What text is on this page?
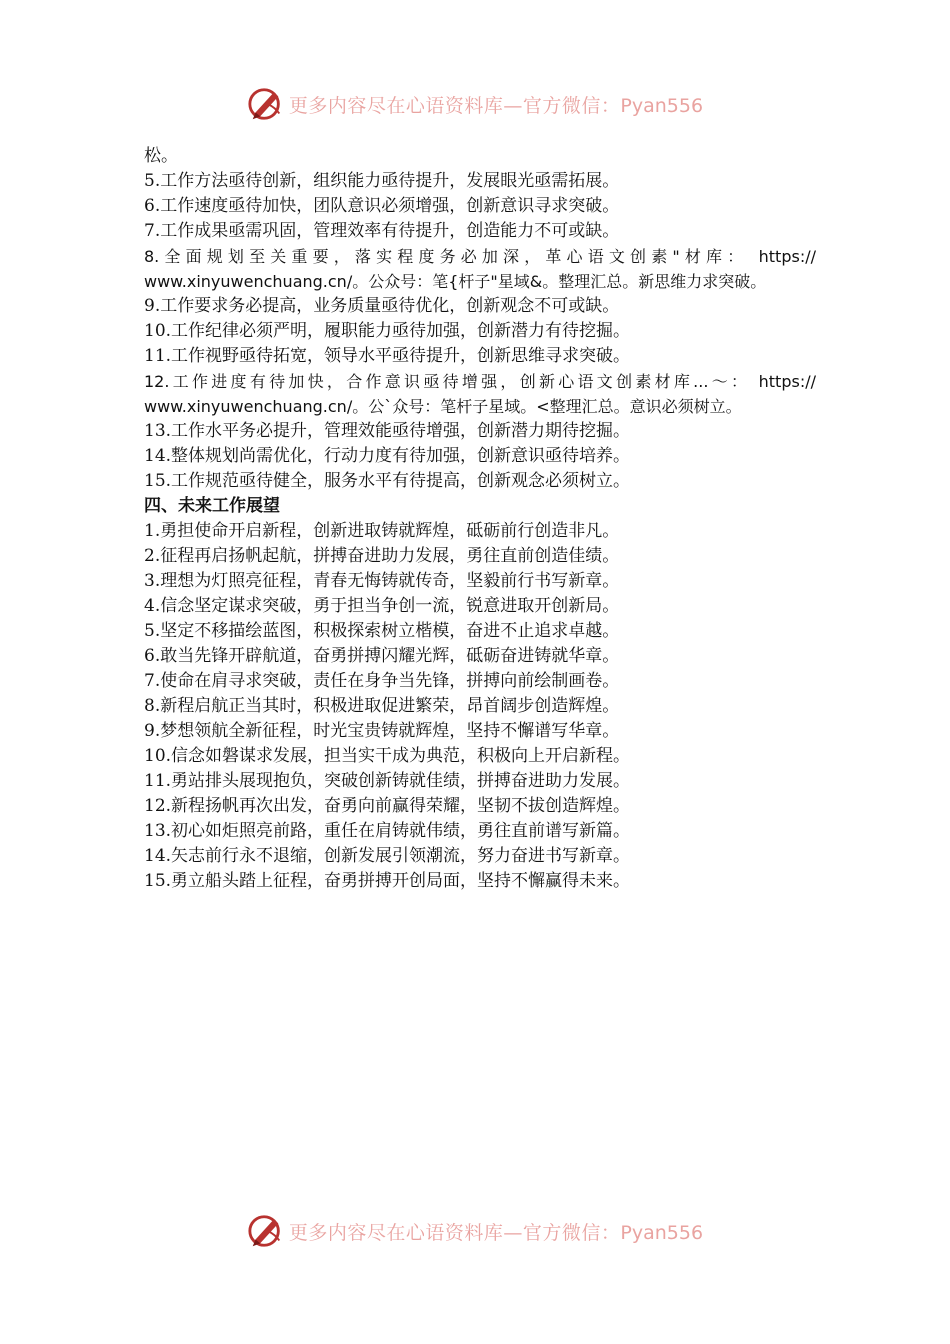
更多内容尽在心语资料库—官方微信：Pyan556
松。
5.工作方法亟待创新，组织能力亟待提升，发展眼光亟需拓展。
6.工作速度亟待加快，团队意识必须增强，创新意识寻求突破。
7.工作成果亟需巩固，管理效率有待提升，创造能力不可或缺。
8.全面规划至关重要，落实程度务必加深，革心语文创素"材库： https://
www.xinyuwenchuang.cn/。公众号：笔{杆子"星域&。整理汇总。新思维力求突破。
9.工作要求务必提高，业务质量亟待优化，创新观念不可或缺。
10.工作纪律必须严明，履职能力亟待加强，创新潜力有待挖掘。
11.工作视野亟待拓宽，领导水平亟待提升，创新思维寻求突破。
12.工作进度有待加快，合作意识亟待增强，创新心语文创素材库...～： https://
www.xinyuwenchuang.cn/。公`众号：笔杆子星域。<整理汇总。意识必须树立。
13.工作水平务必提升，管理效能亟待增强，创新潜力期待挖掘。
14.整体规划尚需优化，行动力度有待加强，创新意识亟待培养。
15.工作规范亟待健全，服务水平有待提高，创新观念必须树立。
四、未来工作展望
1.勇担使命开启新程，创新进取铸就辉煌，砥砺前行创造非凡。
2.征程再启扬帆起航，拼搏奋进助力发展，勇往直前创造佳绩。
3.理想为灯照亮征程，青春无悔铸就传奇，坚毅前行书写新章。
4.信念坚定谋求突破，勇于担当争创一流，锐意进取开创新局。
5.坚定不移描绘蓝图，积极探索树立楷模，奋进不止追求卓越。
6.敢当先锋开辟航道，奋勇拼搏闪耀光辉，砥砺奋进铸就华章。
7.使命在肩寻求突破，责任在身争当先锋，拼搏向前绘制画卷。
8.新程启航正当其时，积极进取促进繁荣，昂首阔步创造辉煌。
9.梦想领航全新征程，时光宝贵铸就辉煌，坚持不懈谱写华章。
10.信念如磐谋求发展，担当实干成为典范，积极向上开启新程。
11.勇站排头展现抱负，突破创新铸就佳绩，拼搏奋进助力发展。
12.新程扬帆再次出发，奋勇向前赢得荣耀，坚韧不拔创造辉煌。
13.初心如炬照亮前路，重任在肩铸就伟绩，勇往直前谱写新篇。
14.矢志前行永不退缩，创新发展引领潮流，努力奋进书写新章。
15.勇立船头踏上征程，奋勇拼搏开创局面，坚持不懈赢得未来。
更多内容尽在心语资料库—官方微信：Pyan556
